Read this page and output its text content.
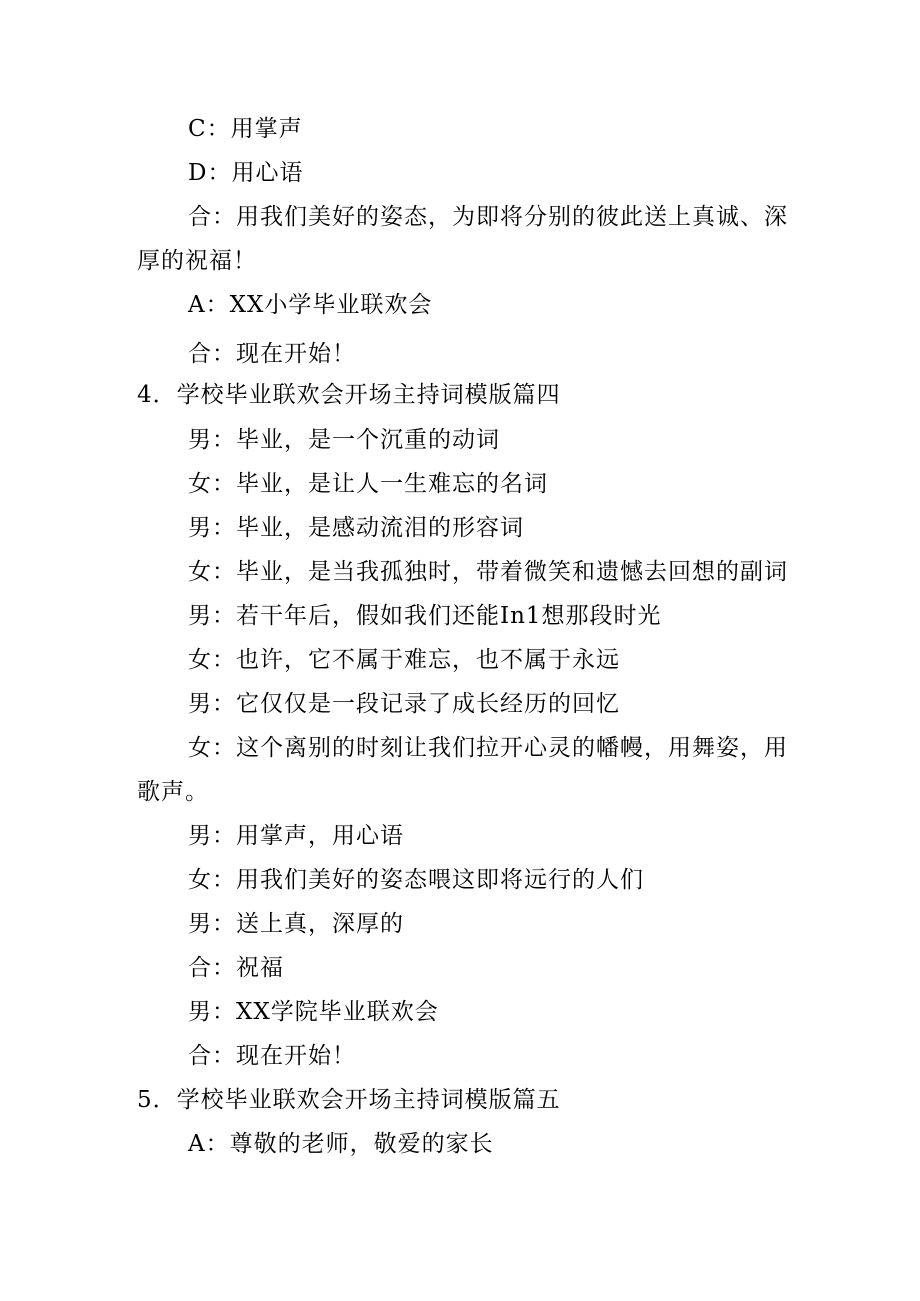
C：用掌声
D：用心语
合：用我们美好的姿态，为即将分别的彼此送上真诚、深
厚的祝福！
A：XX小学毕业联欢会
合：现在开始！
4．学校毕业联欢会开场主持词模版篇四
男：毕业，是一个沉重的动词
女：毕业，是让人一生难忘的名词
男：毕业，是感动流泪的形容词
女：毕业，是当我孤独时，带着微笑和遗憾去回想的副词
男：若干年后，假如我们还能In1想那段时光
女：也许，它不属于难忘，也不属于永远
男：它仅仅是一段记录了成长经历的回忆
女：这个离别的时刻让我们拉开心灵的幡幔，用舞姿，用
歌声。
男：用掌声，用心语
女：用我们美好的姿态喂这即将远行的人们
男：送上真，深厚的
合：祝福
男：XX学院毕业联欢会
合：现在开始！
5．学校毕业联欢会开场主持词模版篇五
A：尊敬的老师，敬爱的家长
